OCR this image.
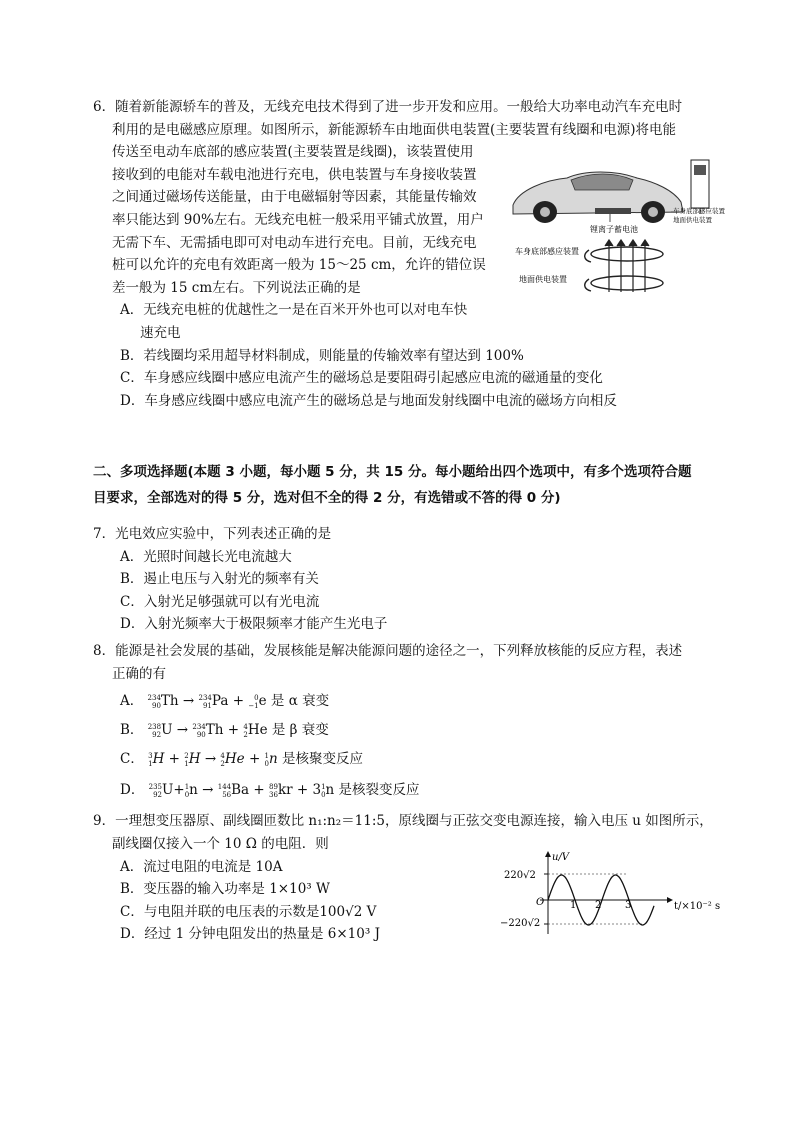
6．随着新能源轿车的普及，无线充电技术得到了进一步开发和应用。一般给大功率电动汽车充电时
利用的是电磁感应原理。如图所示，新能源轿车由地面供电装置(主要装置有线圈和电源)将电能
传送至电动车底部的感应装置(主要装置是线圈)，该装置使用
接收到的电能对车载电池进行充电，供电装置与车身接收装置
之间通过磁场传送能量，由于电磁辐射等因素，其能量传输效
率只能达到 90%左右。无线充电桩一般采用平铺式放置，用户
无需下车、无需插电即可对电动车进行充电。目前，无线充电
桩可以允许的充电有效距离一般为 15～25 cm，允许的错位误
差一般为 15 cm左右。下列说法正确的是
A．无线充电桩的优越性之一是在百米开外也可以对电车快
速充电
B．若线圈均采用超导材料制成，则能量的传输效率有望达到 100%
C．车身感应线圈中感应电流产生的磁场总是要阻碍引起感应电流的磁通量的变化
D．车身感应线圈中感应电流产生的磁场总是与地面发射线圈中电流的磁场方向相反
锂离子蓄电池
车身底部感应装置
地面供电装置
车身底部感应装置
地面供电装置
二、多项选择题(本题 3 小题，每小题 5 分，共 15 分。每小题给出四个选项中，有多个选项符合题
目要求，全部选对的得 5 分，选对但不全的得 2 分，有选错或不答的得 0 分)
7．光电效应实验中，下列表述正确的是
A．光照时间越长光电流越大
B．遏止电压与入射光的频率有关
C．入射光足够强就可以有光电流
D．入射光频率大于极限频率才能产生光电子
8．能源是社会发展的基础，发展核能是解决能源问题的途径之一，下列释放核能的反应方程，表述
正确的有
A． 234
90Th → 234
91Pa + 0
−1e 是 α 衰变
B． 238
92U → 234
90Th + 4
2He 是 β 衰变
C． 3
1H + 2
1H → 4
2He + 1
0n 是核聚变反应
D． 235
92U+1
0n → 144
56Ba + 89
36kr + 31
0n 是核裂变反应
9．一理想变压器原、副线圈匝数比 n₁:n₂＝11:5，原线圈与正弦交变电源连接，输入电压 u 如图所示，
副线圈仅接入一个 10 Ω 的电阻．则
A．流过电阻的电流是 10A
B．变压器的输入功率是 1×10³ W
C．与电阻并联的电压表的示数是100√2 V
D．经过 1 分钟电阻发出的热量是 6×10³ J
u/V
t/×10⁻² s
220√2
−220√2
O	1 2 3
